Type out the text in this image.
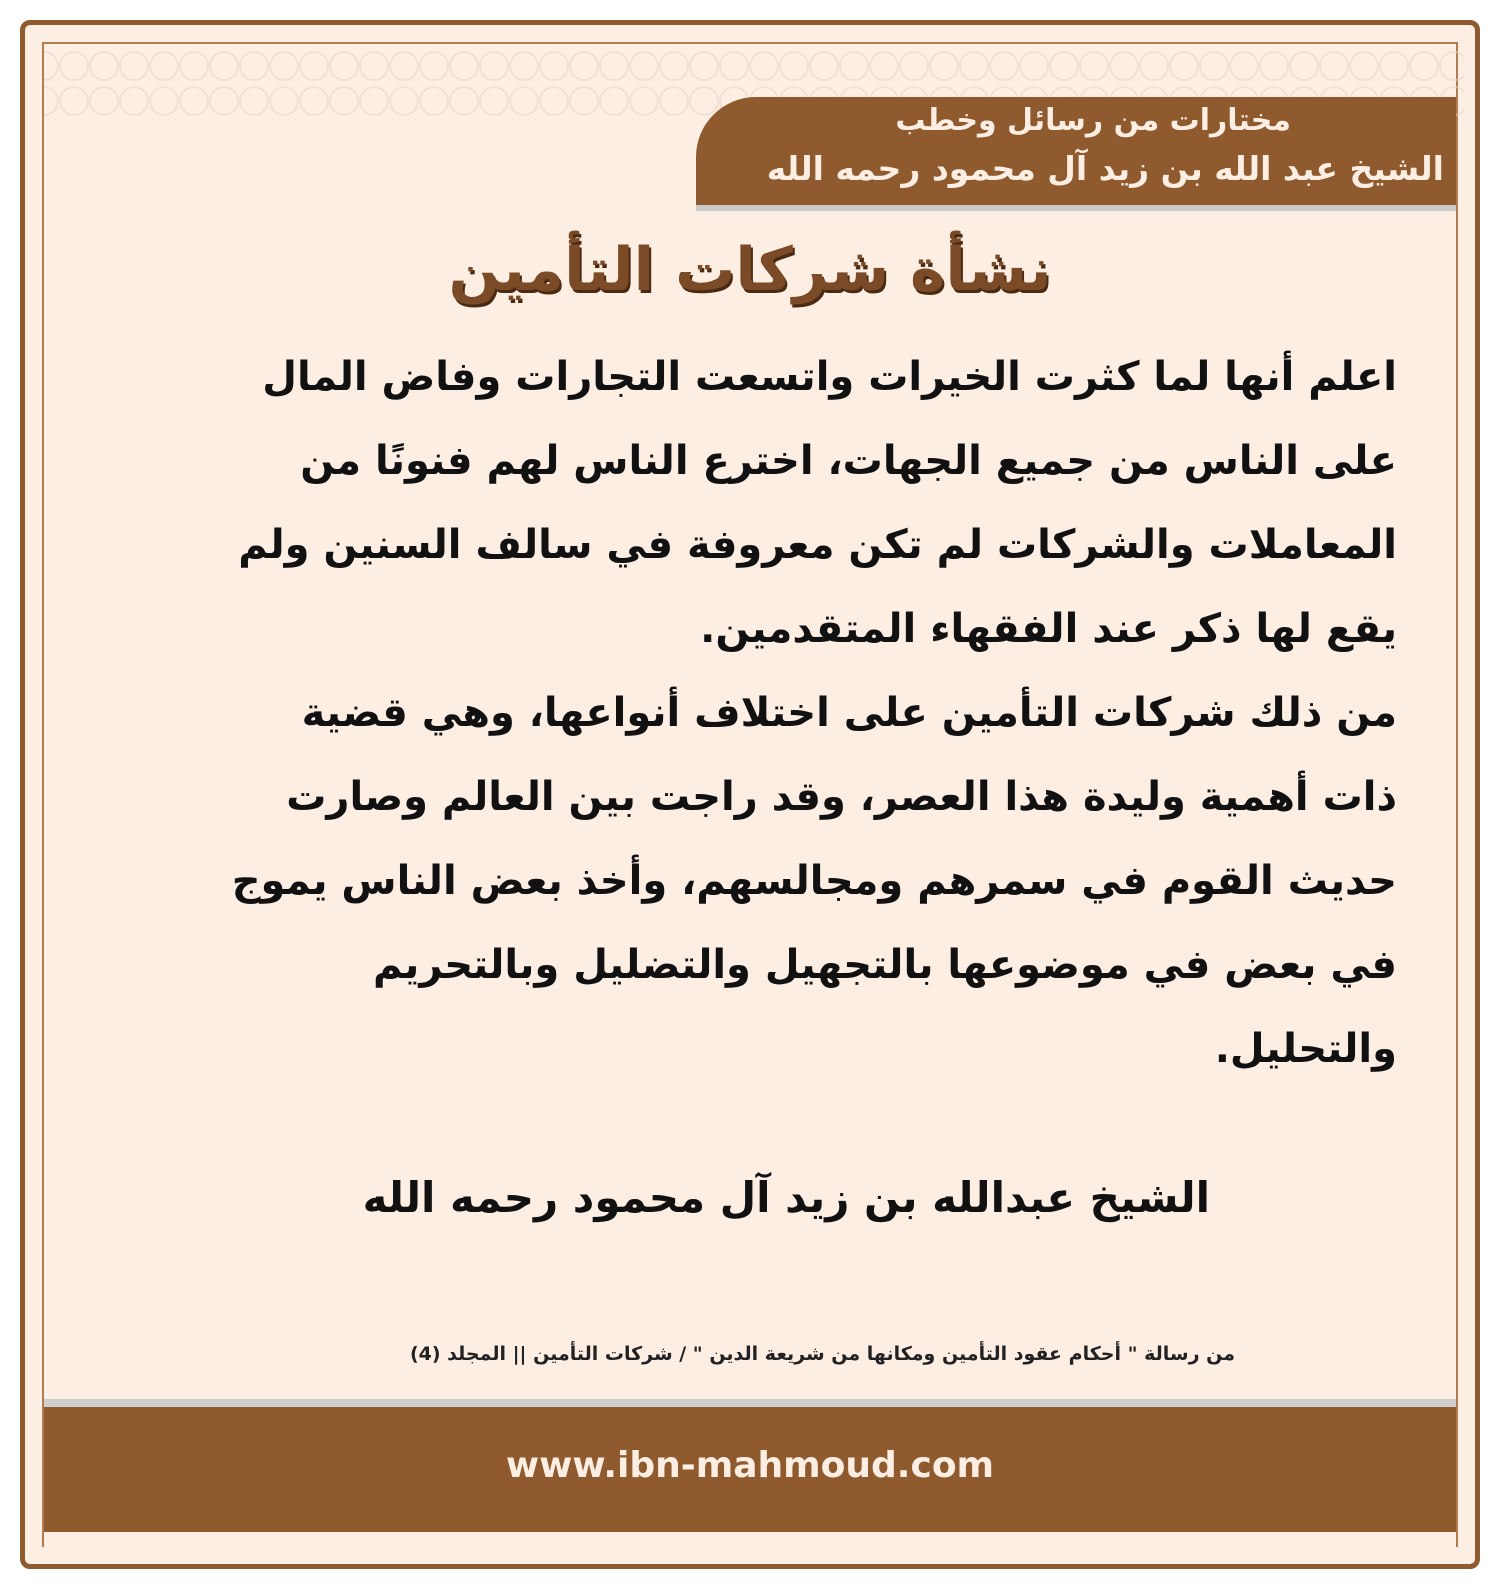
مختارات من رسائل وخطب
الشيخ عبد الله بن زيد آل محمود رحمه الله
نشأة شركات التأمين
اعلم أنها لما كثرت الخيرات واتسعت التجارات وفاض المال
على الناس من جميع الجهات، اخترع الناس لهم فنونًا من
المعاملات والشركات لم تكن معروفة في سالف السنين ولم
يقع لها ذكر عند الفقهاء المتقدمين.
من ذلك شركات التأمين على اختلاف أنواعها، وهي قضية
ذات أهمية وليدة هذا العصر، وقد راجت بين العالم وصارت
حديث القوم في سمرهم ومجالسهم، وأخذ بعض الناس يموج
في بعض في موضوعها بالتجهيل والتضليل وبالتحريم
والتحليل.
الشيخ عبدالله بن زيد آل محمود رحمه الله
من رسالة " أحكام عقود التأمين ومكانها من شريعة الدين " / شركات التأمين || المجلد (4)
www.ibn-mahmoud.com
